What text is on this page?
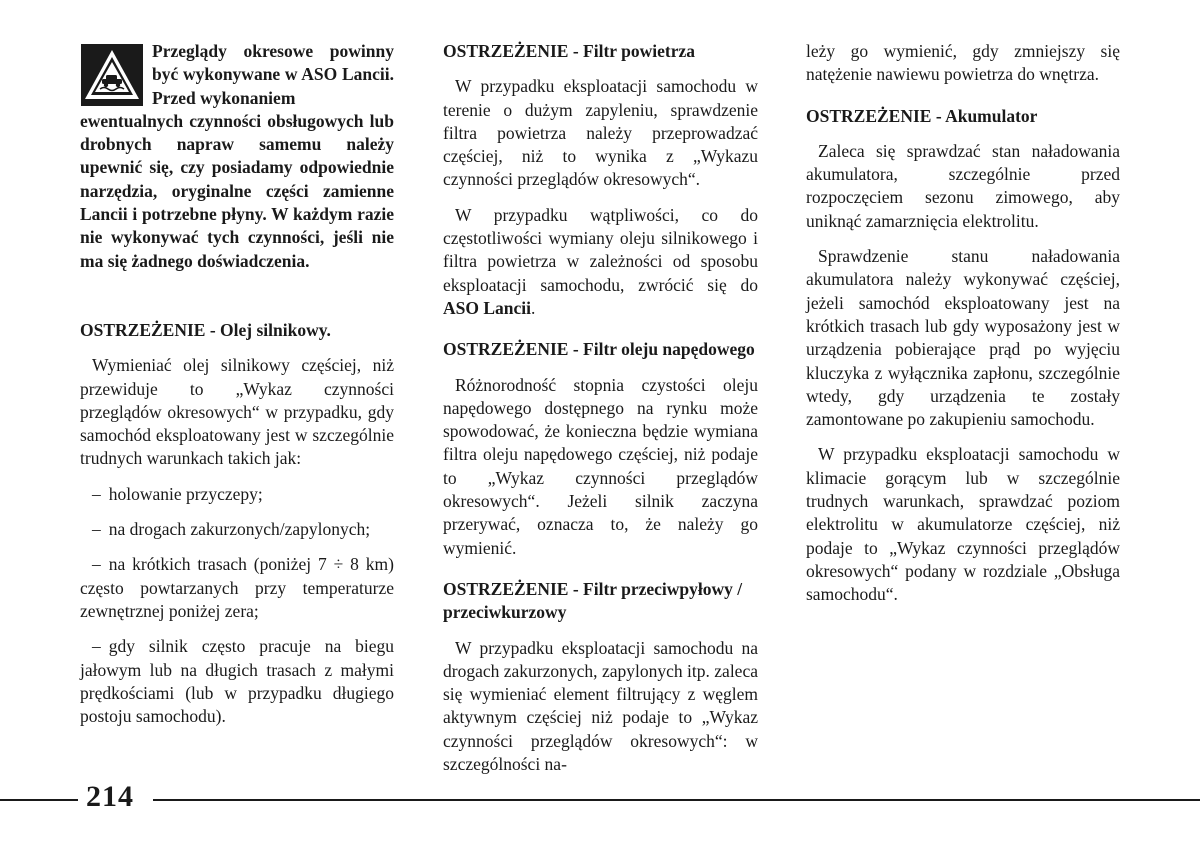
Przeglądy okresowe powinny być wykonywane w ASO Lancii. Przed wykonaniem

ewentualnych czynności obsługowych lub drobnych napraw samemu należy upewnić się, czy posiadamy odpowiednie narzędzia, oryginalne części zamienne Lancii i potrzebne płyny. W każdym razie nie wykonywać tych czynności, jeśli nie ma się żadnego doświadczenia.

OSTRZEŻENIE - Olej silnikowy.

Wymieniać olej silnikowy częściej, niż przewiduje to „Wykaz czynności przeglądów okresowych“ w przypadku, gdy samochód eksploatowany jest w szczególnie trudnych warunkach takich jak:

– holowanie przyczepy;

– na drogach zakurzonych/zapylonych;

– na krótkich trasach (poniżej 7 ÷ 8 km) często powtarzanych przy temperaturze zewnętrznej poniżej zera;

– gdy silnik często pracuje na biegu jałowym lub na długich trasach z małymi prędkościami (lub w przypadku długiego postoju samochodu).

OSTRZEŻENIE - Filtr powietrza

W przypadku eksploatacji samochodu w terenie o dużym zapyleniu, sprawdzenie filtra powietrza należy przeprowadzać częściej, niż to wynika z „Wykazu czynności przeglądów okresowych“.

W przypadku wątpliwości, co do częstotliwości wymiany oleju silnikowego i filtra powietrza w zależności od sposobu eksploatacji samochodu, zwrócić się do ASO Lancii.

OSTRZEŻENIE - Filtr oleju napędowego

Różnorodność stopnia czystości oleju napędowego dostępnego na rynku może spowodować, że konieczna będzie wymiana filtra oleju napędowego częściej, niż podaje to „Wykaz czynności przeglądów okresowych“. Jeżeli silnik zaczyna przerywać, oznacza to, że należy go wymienić.

OSTRZEŻENIE - Filtr przeciwpyłowy / przeciwkurzowy

W przypadku eksploatacji samochodu na drogach zakurzonych, zapylonych itp. zaleca się wymieniać element filtrujący z węglem aktywnym częściej niż podaje to „Wykaz czynności przeglądów okresowych“: w szczególności na-

leży go wymienić, gdy zmniejszy się natężenie nawiewu powietrza do wnętrza.

OSTRZEŻENIE - Akumulator

Zaleca się sprawdzać stan naładowania akumulatora, szczególnie przed rozpoczęciem sezonu zimowego, aby uniknąć zamarznięcia elektrolitu.

Sprawdzenie stanu naładowania akumulatora należy wykonywać częściej, jeżeli samochód eksploatowany jest na krótkich trasach lub gdy wyposażony jest w urządzenia pobierające prąd po wyjęciu kluczyka z wyłącznika zapłonu, szczególnie wtedy, gdy urządzenia te zostały zamontowane po zakupieniu samochodu.

W przypadku eksploatacji samochodu w klimacie gorącym lub w szczególnie trudnych warunkach, sprawdzać poziom elektrolitu w akumulatorze częściej, niż podaje to „Wykaz czynności przeglądów okresowych“ podany w rozdziale „Obsługa samochodu“.

214
